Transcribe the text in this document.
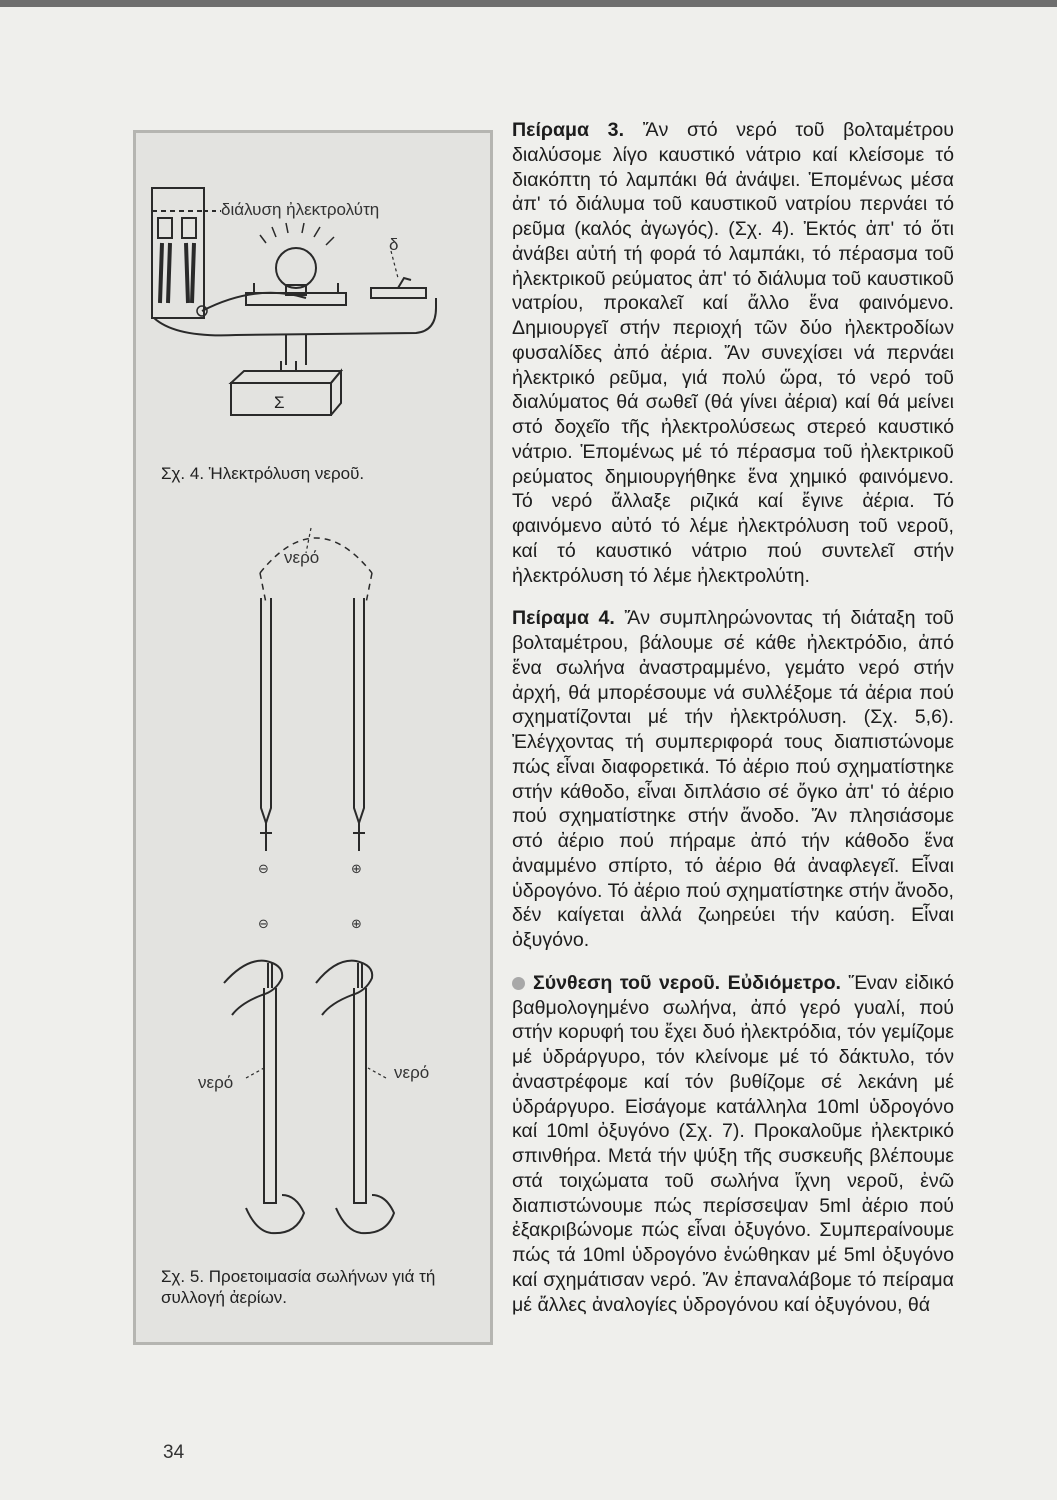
διάλυση ἠλεκτρολύτη
δ
Σ
νερό
⊖	⊕
⊖	⊕
νερό
νερό
Σχ. 4. Ἡλεκτρόλυση νεροῦ.
Σχ. 5. Προετοιμασία σωλήνων γιά τή συλλογή ἀερίων.

Πείραμα 3. Ἄν στό νερό τοῦ βολταμέτρου διαλύσομε λίγο καυστικό νάτριο καί κλείσομε τό διακόπτη τό λαμπάκι θά ἀνάψει. Ἑπομένως μέσα ἀπ' τό διάλυμα τοῦ καυστικοῦ νατρίου περνάει τό ρεῦμα (καλός ἀγωγός). (Σχ. 4). Ἐκτός ἀπ' τό ὅτι ἀνάβει αὐτή τή φορά τό λαμπάκι, τό πέρασμα τοῦ ἠλεκτρικοῦ ρεύματος ἀπ' τό διάλυμα τοῦ καυστικοῦ νατρίου, προκαλεῖ καί ἄλλο ἕνα φαινόμενο. Δημιουργεῖ στήν περιοχή τῶν δύο ἠλεκτροδίων φυσαλίδες ἀπό ἀέρια. Ἄν συνεχίσει νά περνάει ἠλεκτρικό ρεῦμα, γιά πολύ ὥρα, τό νερό τοῦ διαλύματος θά σωθεῖ (θά γίνει ἀέρια) καί θά μείνει στό δοχεῖο τῆς ἠλεκτρολύσεως στερεό καυστικό νάτριο. Ἑπομένως μέ τό πέρασμα τοῦ ἠλεκτρικοῦ ρεύματος δημιουργήθηκε ἕνα χημικό φαινόμενο. Τό νερό ἄλλαξε ριζικά καί ἔγινε ἀέρια. Τό φαινόμενο αὐτό τό λέμε ἠλεκτρόλυση τοῦ νεροῦ, καί τό καυστικό νάτριο πού συντελεῖ στήν ἠλεκτρόλυση τό λέμε ἠλεκτρολύτη.

Πείραμα 4. Ἄν συμπληρώνοντας τή διάταξη τοῦ βολταμέτρου, βάλουμε σέ κάθε ἠλεκτρόδιο, ἀπό ἕνα σωλήνα ἀναστραμμένο, γεμάτο νερό στήν ἀρχή, θά μπορέσουμε νά συλλέξομε τά ἀέρια πού σχηματίζονται μέ τήν ἠλεκτρόλυση. (Σχ. 5,6). Ἐλέγχοντας τή συμπεριφορά τους διαπιστώνομε πώς εἶναι διαφορετικά. Τό ἀέριο πού σχηματίστηκε στήν κάθοδο, εἶναι διπλάσιο σέ ὄγκο ἀπ' τό ἀέριο πού σχηματίστηκε στήν ἄνοδο. Ἄν πλησιάσομε στό ἀέριο πού πήραμε ἀπό τήν κάθοδο ἕνα ἀναμμένο σπίρτο, τό ἀέριο θά ἀναφλεγεῖ. Εἶναι ὑδρογόνο. Τό ἀέριο πού σχηματίστηκε στήν ἄνοδο, δέν καίγεται ἀλλά ζωηρεύει τήν καύση. Εἶναι ὀξυγόνο.

Σύνθεση τοῦ νεροῦ. Εὐδιόμετρο. Ἕναν εἰδικό βαθμολογημένο σωλήνα, ἀπό γερό γυαλί, πού στήν κορυφή του ἔχει δυό ἠλεκτρόδια, τόν γεμίζομε μέ ὑδράργυρο, τόν κλείνομε μέ τό δάκτυλο, τόν ἀναστρέφομε καί τόν βυθίζομε σέ λεκάνη μέ ὑδράργυρο. Εἰσάγομε κατάλληλα 10ml ὑδρογόνο καί 10ml ὀξυγόνο (Σχ. 7). Προκαλοῦμε ἠλεκτρικό σπινθήρα. Μετά τήν ψύξη τῆς συσκευῆς βλέπουμε στά τοιχώματα τοῦ σωλήνα ἴχνη νεροῦ, ἐνῶ διαπιστώνουμε πώς περίσσεψαν 5ml ἀέριο πού ἐξακριβώνομε πώς εἶναι ὀξυγόνο. Συμπεραίνουμε πώς τά 10ml ὑδρογόνο ἑνώθηκαν μέ 5ml ὀξυγόνο καί σχημάτισαν νερό. Ἄν ἐπαναλάβομε τό πείραμα μέ ἄλλες ἀναλογίες ὑδρογόνου καί ὀξυγόνου, θά

34
